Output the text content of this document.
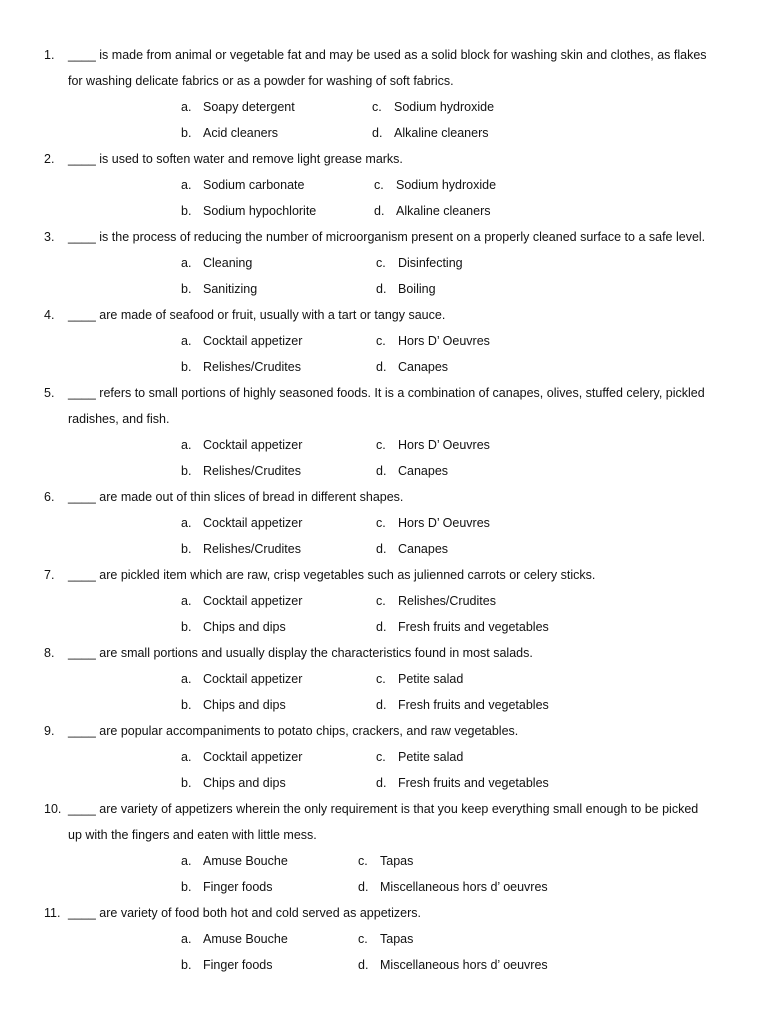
1. ____ is made from animal or vegetable fat and may be used as a solid block for washing skin and clothes, as flakes
for washing delicate fabrics or as a powder for washing of soft fabrics.
a. Soapy detergent	c. Sodium hydroxide
b. Acid cleaners	d. Alkaline cleaners
2. ____ is used to soften water and remove light grease marks.
a. Sodium carbonate	c. Sodium hydroxide
b. Sodium hypochlorite	d. Alkaline cleaners
3. ____ is the process of reducing the number of microorganism present on a properly cleaned surface to a safe level.
a. Cleaning	c. Disinfecting
b. Sanitizing	d. Boiling
4. ____ are made of seafood or fruit, usually with a tart or tangy sauce.
a. Cocktail appetizer	c. Hors D’ Oeuvres
b. Relishes/Crudites	d. Canapes
5. ____ refers to small portions of highly seasoned foods. It is a combination of canapes, olives, stuffed celery, pickled
radishes, and fish.
a. Cocktail appetizer	c. Hors D’ Oeuvres
b. Relishes/Crudites	d. Canapes
6. ____ are made out of thin slices of bread in different shapes.
a. Cocktail appetizer	c. Hors D’ Oeuvres
b. Relishes/Crudites	d. Canapes
7. ____ are pickled item which are raw, crisp vegetables such as julienned carrots or celery sticks.
a. Cocktail appetizer	c. Relishes/Crudites
b. Chips and dips	d. Fresh fruits and vegetables
8. ____ are small portions and usually display the characteristics found in most salads.
a. Cocktail appetizer	c. Petite salad
b. Chips and dips	d. Fresh fruits and vegetables
9. ____ are popular accompaniments to potato chips, crackers, and raw vegetables.
a. Cocktail appetizer	c. Petite salad
b. Chips and dips	d. Fresh fruits and vegetables
10. ____ are variety of appetizers wherein the only requirement is that you keep everything small enough to be picked
up with the fingers and eaten with little mess.
a. Amuse Bouche	c. Tapas
b. Finger foods	d. Miscellaneous hors d’ oeuvres
11. ____ are variety of food both hot and cold served as appetizers.
a. Amuse Bouche	c. Tapas
b. Finger foods	d. Miscellaneous hors d’ oeuvres
